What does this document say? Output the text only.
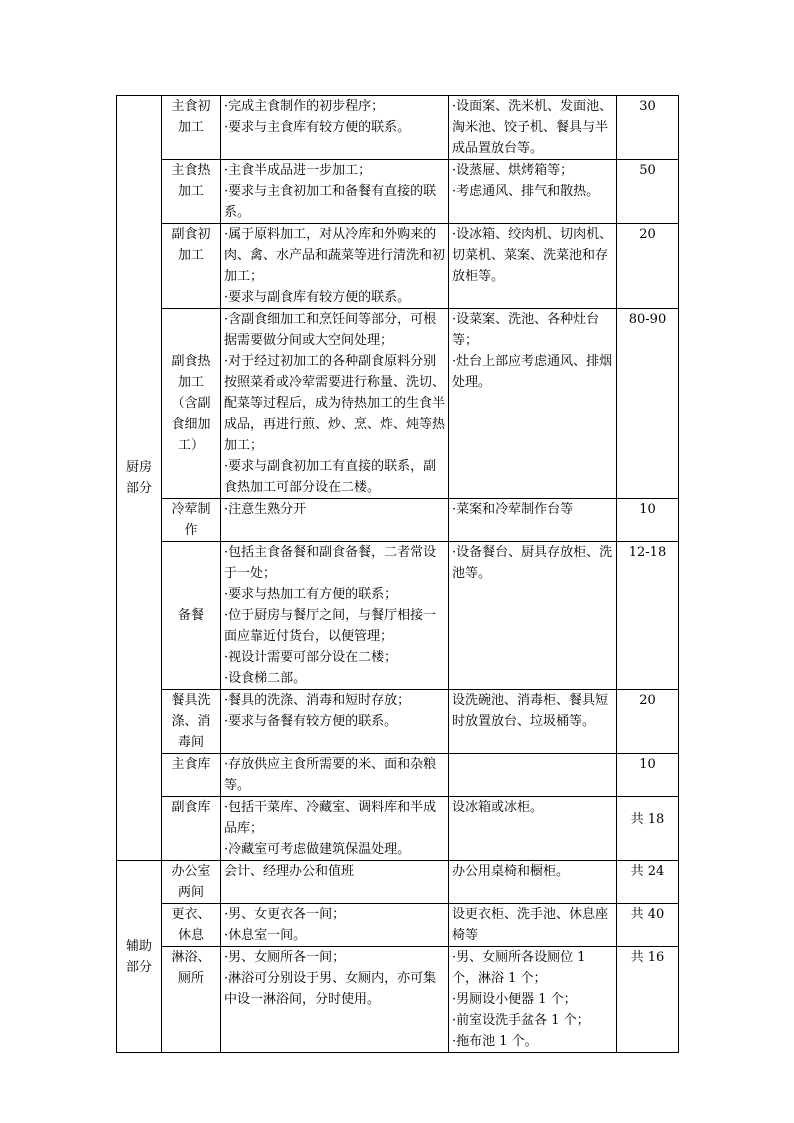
厨房部分	主食初加工	·完成主食制作的初步程序；
·要求与主食库有较方便的联系。	·设面案、洗米机、发面池、淘米池、饺子机、餐具与半成品置放台等。	30
	主食热加工	·主食半成品进一步加工；
·要求与主食初加工和备餐有直接的联系。	·设蒸屉、烘烤箱等；
·考虑通风、排气和散热。	50
	副食初加工	·属于原料加工，对从冷库和外购来的肉、禽、水产品和蔬菜等进行清洗和初加工；
·要求与副食库有较方便的联系。	·设冰箱、绞肉机、切肉机、切菜机、菜案、洗菜池和存放柜等。	20
	副食热加工（含副食细加工）	·含副食细加工和烹饪间等部分，可根据需要做分间或大空间处理；
·对于经过初加工的各种副食原料分别按照菜肴或冷荤需要进行称量、洗切、配菜等过程后，成为待热加工的生食半成品，再进行煎、炒、烹、炸、炖等热加工；
·要求与副食初加工有直接的联系，副食热加工可部分设在二楼。	·设菜案、洗池、各种灶台等；
·灶台上部应考虑通风、排烟处理。	80-90
	冷荤制作	·注意生熟分开	·菜案和冷荤制作台等	10
	备餐	·包括主食备餐和副食备餐，二者常设于一处；
·要求与热加工有方便的联系；
·位于厨房与餐厅之间，与餐厅相接一面应靠近付货台，以便管理；
·视设计需要可部分设在二楼；
·设食梯二部。	·设备餐台、厨具存放柜、洗池等。	12-18
	餐具洗涤、消毒间	·餐具的洗涤、消毒和短时存放；
·要求与备餐有较方便的联系。	设洗碗池、消毒柜、餐具短时放置放台、垃圾桶等。	20
	主食库	·存放供应主食所需要的米、面和杂粮等。		10
	副食库	·包括干菜库、冷藏室、调料库和半成品库；
·冷藏室可考虑做建筑保温处理。	设冰箱或冰柜。	共 18
辅助部分	办公室两间	会计、经理办公和值班	办公用桌椅和橱柜。	共 24
	更衣、休息	·男、女更衣各一间；
·休息室一间。	设更衣柜、洗手池、休息座椅等	共 40
	淋浴、厕所	·男、女厕所各一间；
·淋浴可分别设于男、女厕内，亦可集中设一淋浴间，分时使用。	·男、女厕所各设厕位 1 个，淋浴 1 个；
·男厕设小便器 1 个；
·前室设洗手盆各 1 个；
·拖布池 1 个。	共 16
